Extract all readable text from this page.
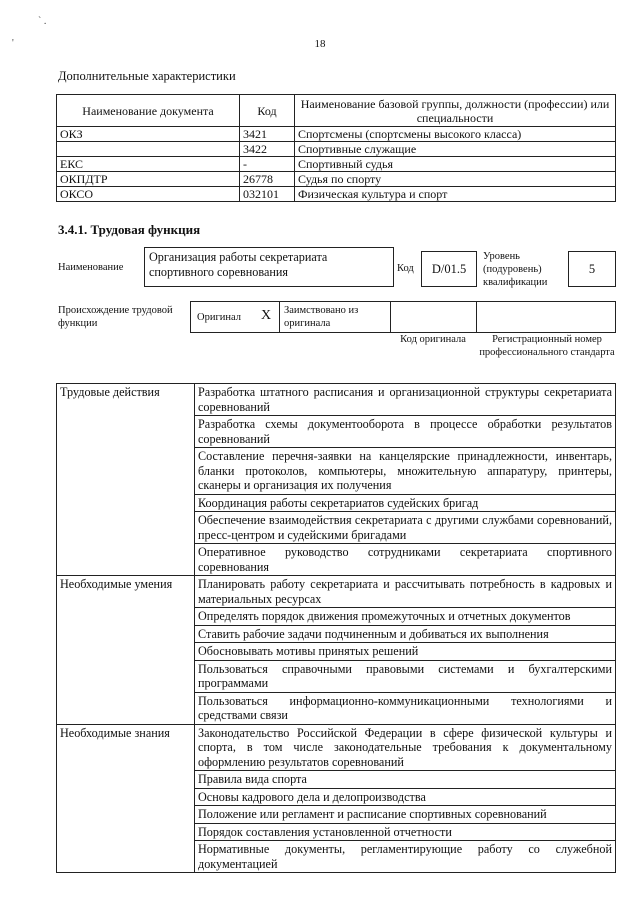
` .
'	18
Дополнительные характеристики
Наименование документа	Код	Наименование базовой группы, должности (профессии) или специальности
ОКЗ	3421	Спортсмены (спортсмены высокого класса)
	3422	Спортивные служащие
ЕКС	-	Спортивный судья
ОКПДТР	26778	Судья по спорту
ОКСО	032101	Физическая культура и спорт
3.4.1. Трудовая функция
Наименование
Организация работы секретариата спортивного соревнования	Код	D/01.5
Уровень (подуровень) квалификации
5
Происхождение трудовой функции
Оригинал X Заимствовано из оригинала
Код оригинала	Регистрационный номер профессионального стандарта
Трудовые действия	Разработка штатного расписания и организационной структуры секретариата соревнований
	Разработка схемы документооборота в процессе обработки результатов соревнований
	Составление перечня-заявки на канцелярские принадлежности, инвентарь, бланки протоколов, компьютеры, множительную аппаратуру, принтеры, сканеры и организация их получения
	Координация работы секретариатов судейских бригад
	Обеспечение взаимодействия секретариата с другими службами соревнований, пресс-центром и судейскими бригадами
	Оперативное руководство сотрудниками секретариата спортивного соревнования
Необходимые умения	Планировать работу секретариата и рассчитывать потребность в кадровых и материальных ресурсах
	Определять порядок движения промежуточных и отчетных документов
	Ставить рабочие задачи подчиненным и добиваться их выполнения
	Обосновывать мотивы принятых решений
	Пользоваться справочными правовыми системами и бухгалтерскими программами
	Пользоваться информационно-коммуникационными технологиями и средствами связи
Необходимые знания	Законодательство Российской Федерации в сфере физической культуры и спорта, в том числе законодательные требования к документальному оформлению результатов соревнований
	Правила вида спорта
	Основы кадрового дела и делопроизводства
	Положение или регламент и расписание спортивных соревнований
	Порядок составления установленной отчетности
	Нормативные документы, регламентирующие работу со служебной документацией
